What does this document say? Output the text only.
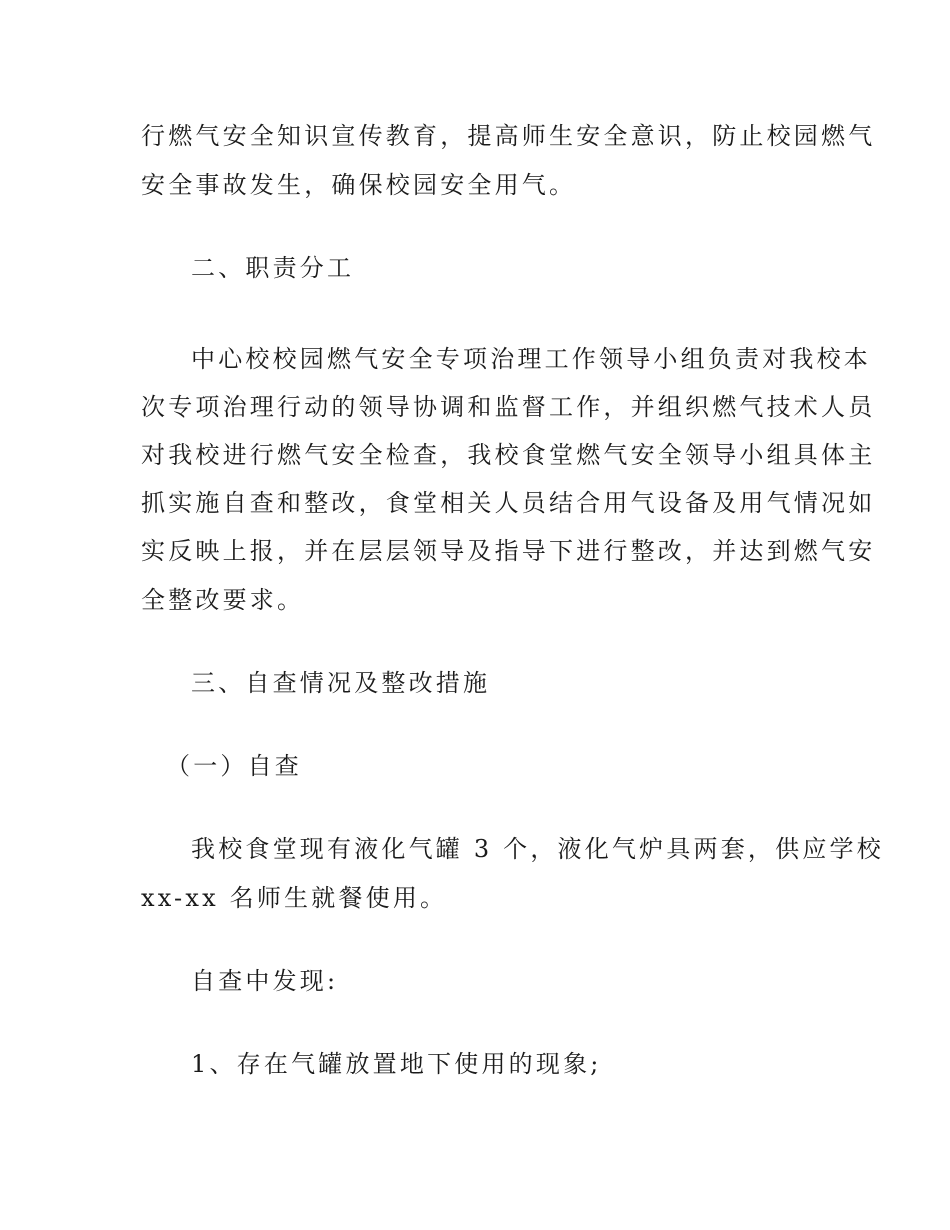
行燃气安全知识宣传教育，提高师生安全意识，防止校园燃气
安全事故发生，确保校园安全用气。
二、职责分工
中心校校园燃气安全专项治理工作领导小组负责对我校本
次专项治理行动的领导协调和监督工作，并组织燃气技术人员
对我校进行燃气安全检查，我校食堂燃气安全领导小组具体主
抓实施自查和整改，食堂相关人员结合用气设备及用气情况如
实反映上报，并在层层领导及指导下进行整改，并达到燃气安
全整改要求。
三、自查情况及整改措施
（一）自查
我校食堂现有液化气罐 3 个，液化气炉具两套，供应学校
xx-xx 名师生就餐使用。
自查中发现:
1、存在气罐放置地下使用的现象;
